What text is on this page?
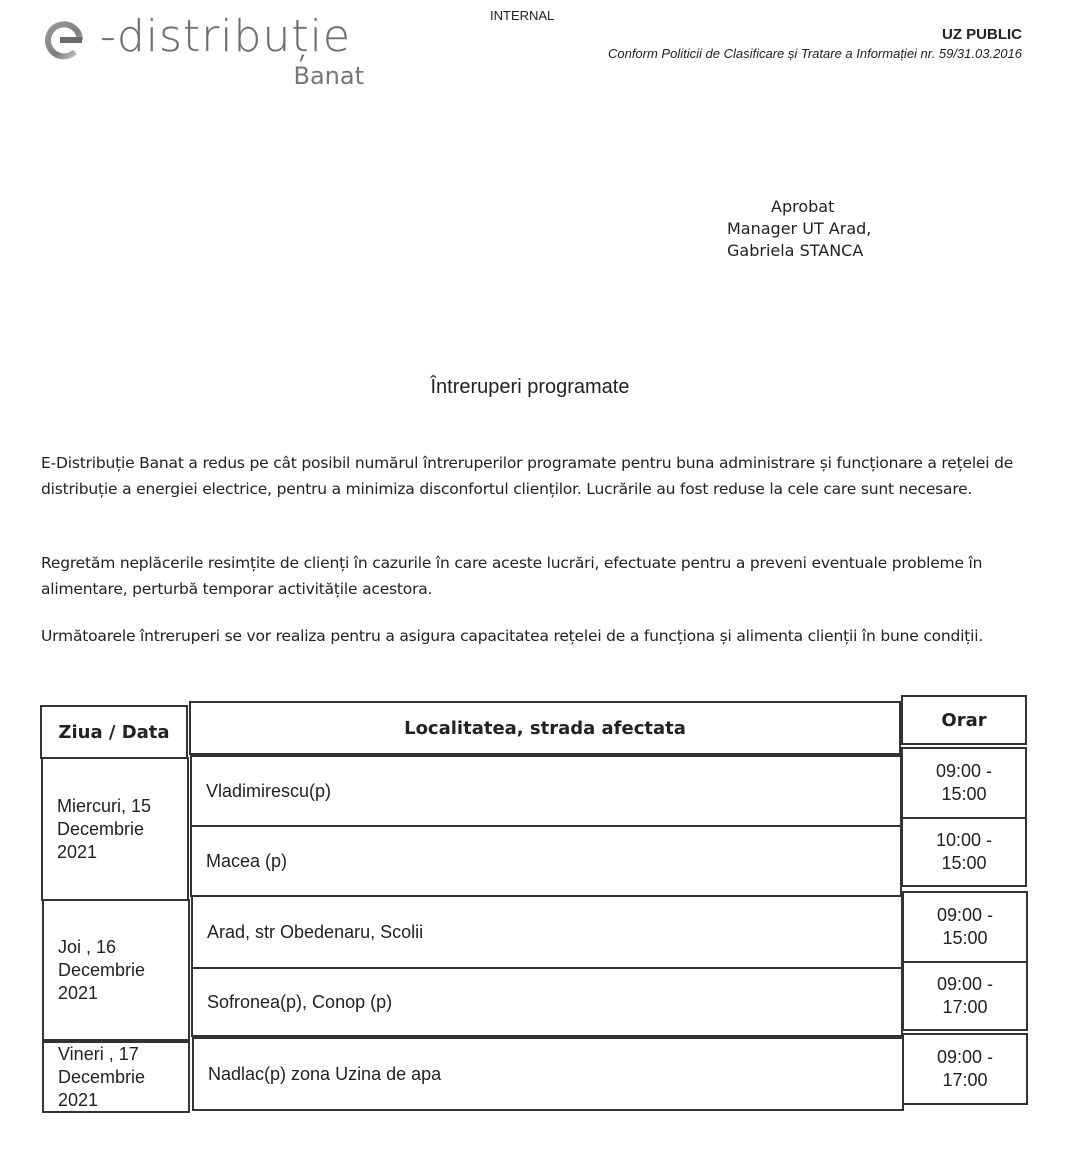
-distribuție
Banat
INTERNAL
UZ PUBLIC
Conform Politicii de Clasificare și Tratare a Informației nr. 59/31.03.2016
Aprobat
Manager UT Arad,
Gabriela STANCA
Întreruperi programate
E-Distribuție Banat a redus pe cât posibil numărul întreruperilor programate pentru buna administrare și funcționare a rețelei de distribuție a energiei electrice, pentru a minimiza disconfortul clienților. Lucrările au fost reduse la cele care sunt necesare.
Regretăm neplăcerile resimțite de clienți în cazurile în care aceste lucrări, efectuate pentru a preveni eventuale probleme în alimentare, perturbă temporar activitățile acestora.
Următoarele întreruperi se vor realiza pentru a asigura capacitatea rețelei de a funcționa și alimenta clienții în bune condiții.
Ziua / Data	Localitatea, strada afectata	Orar
Miercuri, 15
Decembrie
2021
Vladimirescu(p)
09:00 -
15:00
Macea (p)
10:00 -
15:00
Joi , 16
Decembrie
2021
Arad, str Obedenaru, Scolii
09:00 -
15:00
Sofronea(p), Conop (p)
09:00 -
17:00
Vineri , 17
Decembrie
2021
Nadlac(p) zona Uzina de apa
09:00 -
17:00
